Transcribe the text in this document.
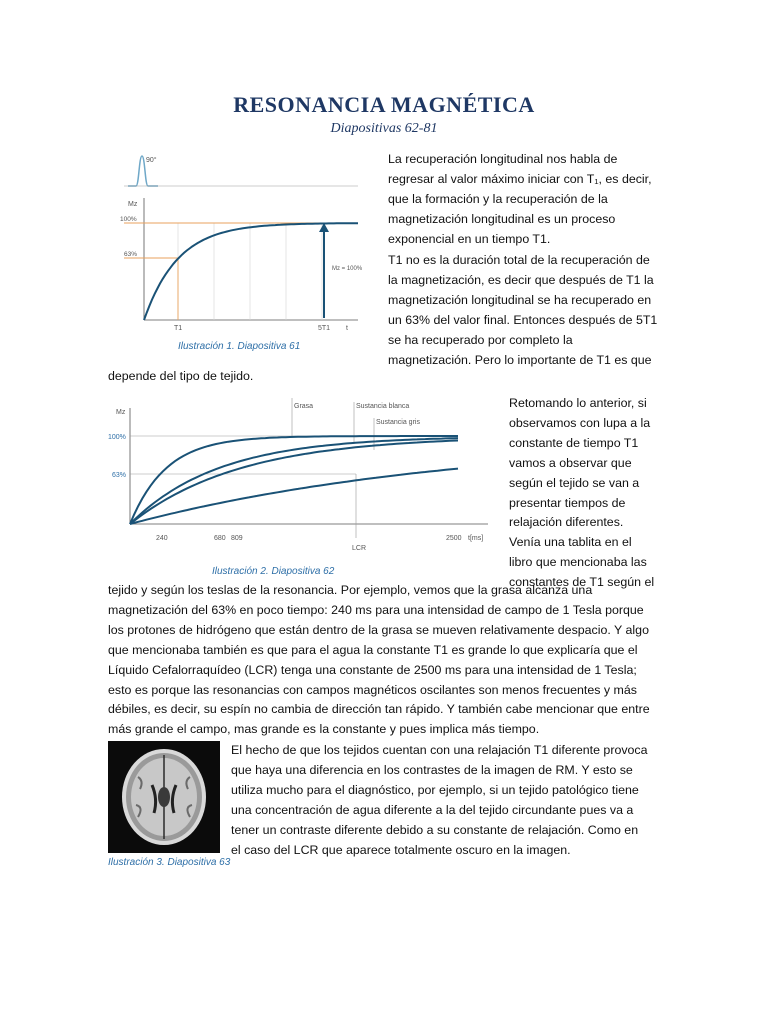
RESONANCIA MAGNÉTICA
Diapositivas 62-81
90°
Mz
100%
63%
Mz = 100%
T1	5T1 t
Ilustración 1. Diapositiva 61

La recuperación longitudinal nos habla de
regresar al valor máximo iniciar con T₁, es decir,
que la formación y la recuperación de la
magnetización longitudinal es un proceso
exponencial en un tiempo T1.

T1 no es la duración total de la recuperación de
la magnetización, es decir que después de T1 la
magnetización longitudinal se ha recuperado en
un 63% del valor final. Entonces después de 5T1
se ha recuperado por completo la
magnetización. Pero lo importante de T1 es que

depende del tipo de tejido.
Mz
100%
63%
Grasa	Sustancia blanca
Sustancia gris
LCR
240	680 809	2500 t[ms]
Ilustración 2. Diapositiva 62

Retomando lo anterior, si
observamos con lupa a la
constante de tiempo T1
vamos a observar que
según el tejido se van a
presentar tiempos de
relajación diferentes.
Venía una tablita en el
libro que mencionaba las
constantes de T1 según el

tejido y según los teslas de la resonancia. Por ejemplo, vemos que la grasa alcanza una
magnetización del 63% en poco tiempo: 240 ms para una intensidad de campo de 1 Tesla porque
los protones de hidrógeno que están dentro de la grasa se mueven relativamente despacio. Y algo
que mencionaba también es que para el agua la constante T1 es grande lo que explicaría que el
Líquido Cefalorraquídeo (LCR) tenga una constante de 2500 ms para una intensidad de 1 Tesla;
esto es porque las resonancias con campos magnéticos oscilantes son menos frecuentes y más
débiles, es decir, su espín no cambia de dirección tan rápido. Y también cabe mencionar que entre
más grande el campo, mas grande es la constante y pues implica más tiempo.

Ilustración 3. Diapositiva 63

El hecho de que los tejidos cuentan con una relajación T1 diferente provoca
que haya una diferencia en los contrastes de la imagen de RM. Y esto se
utiliza mucho para el diagnóstico, por ejemplo, si un tejido patológico tiene
una concentración de agua diferente a la del tejido circundante pues va a
tener un contraste diferente debido a su constante de relajación. Como en
el caso del LCR que aparece totalmente oscuro en la imagen.
